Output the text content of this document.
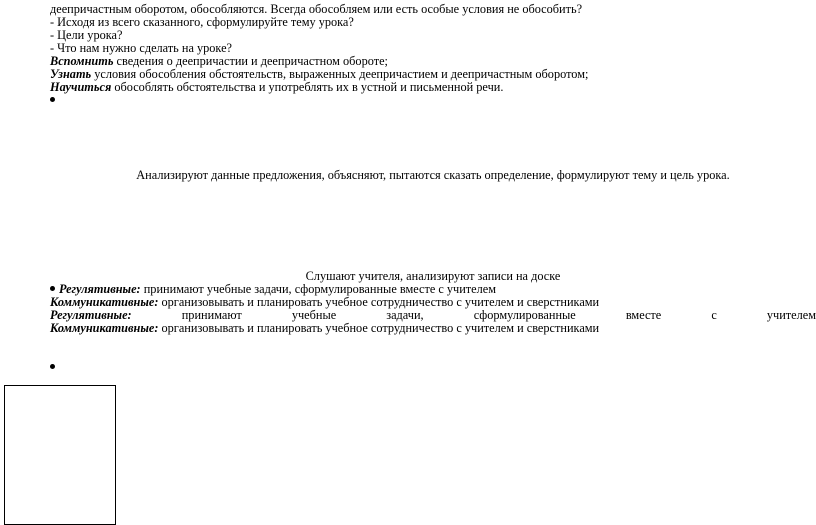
деепричастным оборотом, обособляются. Всегда обособляем или есть особые условия не обособить?
- Исходя из всего сказанного, сформулируйте тему урока?
- Цели урока?
- Что нам нужно сделать на уроке?
Вспомнить сведения о деепричастии и деепричастном обороте;
Узнать условия обособления обстоятельств, выраженных деепричастием и деепричастным оборотом;
Научиться обособлять обстоятельства и употреблять их в устной и письменной речи.
Анализируют данные предложения, объясняют, пытаются сказать определение, формулируют тему и цель урока.
Слушают учителя, анализируют записи на доске
Регулятивные: принимают учебные задачи, сформулированные вместе с учителем
Коммуникативные: организовывать и планировать учебное сотрудничество с учителем и сверстниками
Регулятивные:	принимают	учебные	задачи,	сформулированные	вместе	с	учителем
Коммуникативные: организовывать и планировать учебное сотрудничество с учителем и сверстниками
